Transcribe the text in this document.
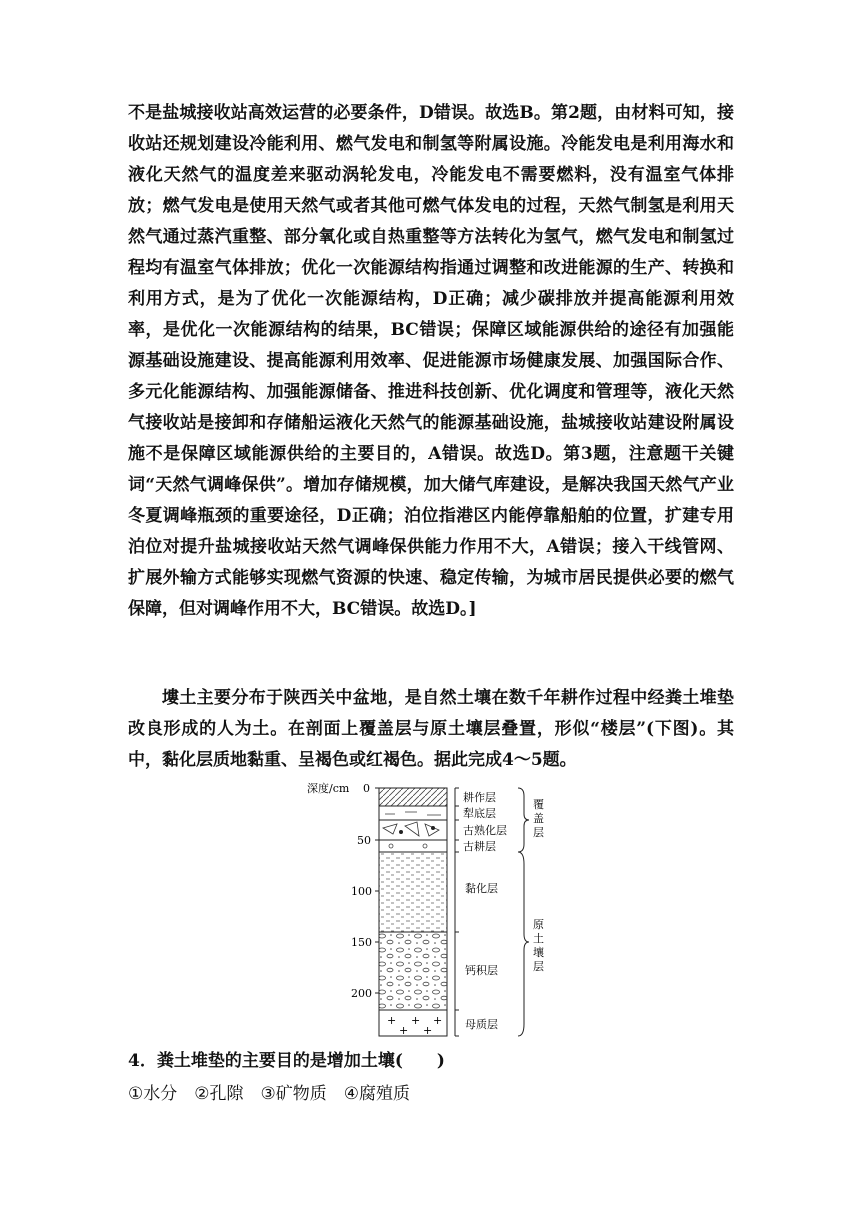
不是盐城接收站高效运营的必要条件，D错误。故选B。第2题，由材料可知，接收站还规划建设冷能利用、燃气发电和制氢等附属设施。冷能发电是利用海水和液化天然气的温度差来驱动涡轮发电，冷能发电不需要燃料，没有温室气体排放；燃气发电是使用天然气或者其他可燃气体发电的过程，天然气制氢是利用天然气通过蒸汽重整、部分氧化或自热重整等方法转化为氢气，燃气发电和制氢过程均有温室气体排放；优化一次能源结构指通过调整和改进能源的生产、转换和利用方式，是为了优化一次能源结构，D正确；减少碳排放并提高能源利用效率，是优化一次能源结构的结果，BC错误；保障区域能源供给的途径有加强能源基础设施建设、提高能源利用效率、促进能源市场健康发展、加强国际合作、多元化能源结构、加强能源储备、推进科技创新、优化调度和管理等，液化天然气接收站是接卸和存储船运液化天然气的能源基础设施，盐城接收站建设附属设施不是保障区域能源供给的主要目的，A错误。故选D。第3题，注意题干关键词“天然气调峰保供”。增加存储规模，加大储气库建设，是解决我国天然气产业冬夏调峰瓶颈的重要途径，D正确；泊位指港区内能停靠船舶的位置，扩建专用泊位对提升盐城接收站天然气调峰保供能力作用不大，A错误；接入干线管网、扩展外输方式能够实现燃气资源的快速、稳定传输，为城市居民提供必要的燃气保障，但对调峰作用不大，BC错误。故选D。]

塿土主要分布于陕西关中盆地，是自然土壤在数千年耕作过程中经粪土堆垫改良形成的人为土。在剖面上覆盖层与原土壤层叠置，形似“楼层”(下图)。其中，黏化层质地黏重、呈褐色或红褐色。据此完成4～5题。

深度/cm 0
50
100
150
200
+ + +
+ +
耕作层
犁底层
古熟化层
古耕层
黏化层
钙积层
母质层
覆盖层
原土壤层
4．粪土堆垫的主要目的是增加土壤(　　)
①水分　②孔隙　③矿物质　④腐殖质
